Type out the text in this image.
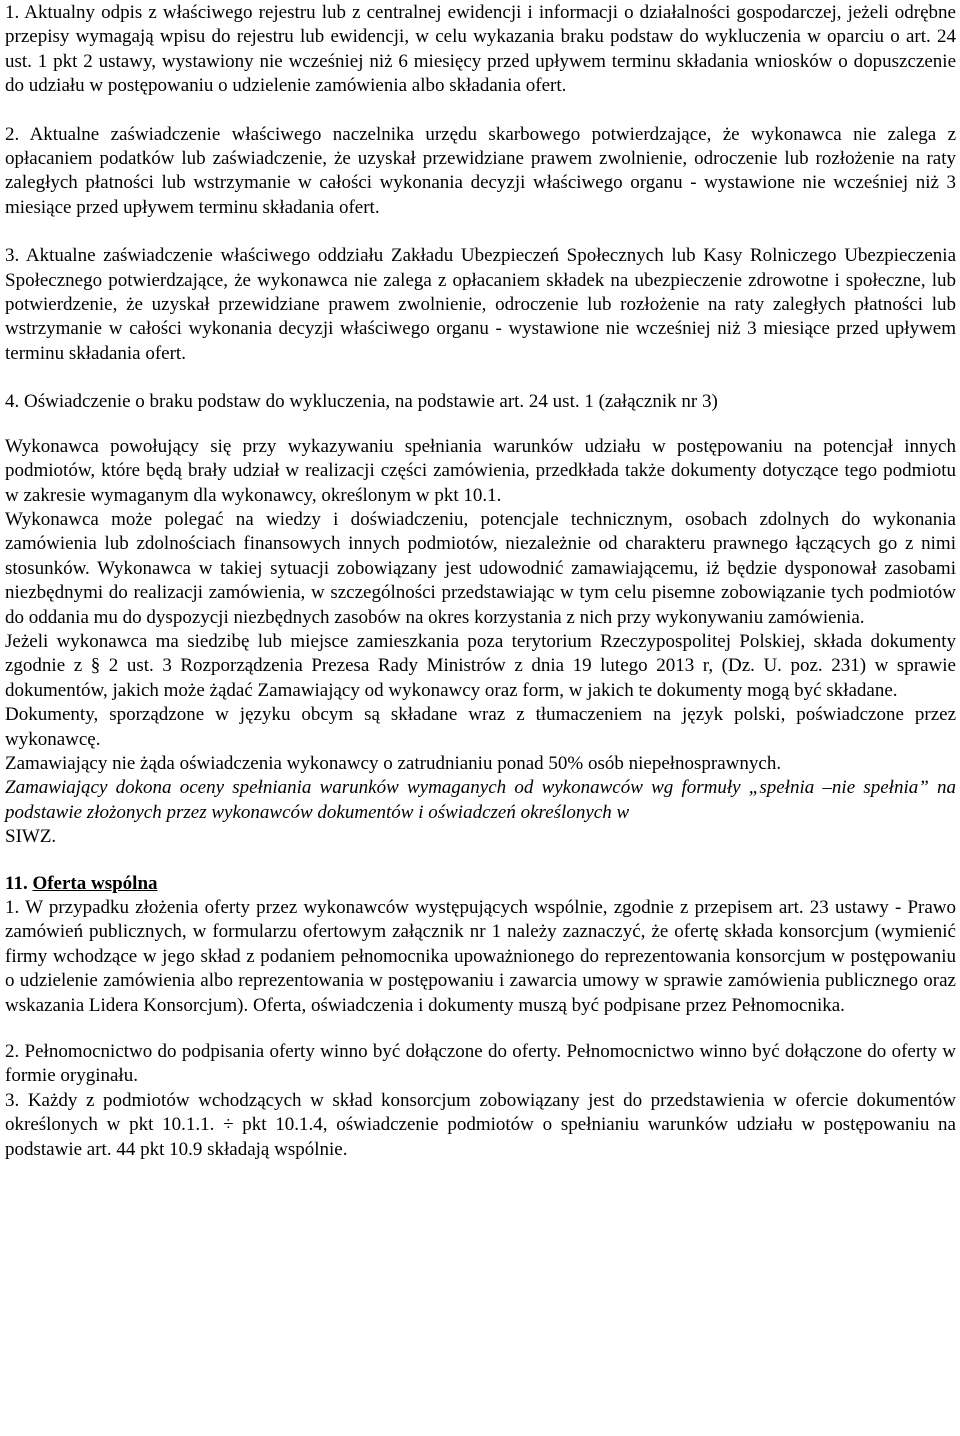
1. Aktualny odpis z właściwego rejestru lub z centralnej ewidencji i informacji o działalności gospodarczej, jeżeli odrębne przepisy wymagają wpisu do rejestru lub ewidencji, w celu wykazania braku podstaw do wykluczenia w oparciu o art. 24 ust. 1 pkt 2 ustawy, wystawiony nie wcześniej niż 6 miesięcy przed upływem terminu składania wniosków o dopuszczenie do udziału w postępowaniu o udzielenie zamówienia albo składania ofert.

2. Aktualne zaświadczenie właściwego naczelnika urzędu skarbowego potwierdzające, że wykonawca nie zalega z opłacaniem podatków lub zaświadczenie, że uzyskał przewidziane prawem zwolnienie, odroczenie lub rozłożenie na raty zaległych płatności lub wstrzymanie w całości wykonania decyzji właściwego organu - wystawione nie wcześniej niż 3 miesiące przed upływem terminu składania ofert.

3. Aktualne zaświadczenie właściwego oddziału Zakładu Ubezpieczeń Społecznych lub Kasy Rolniczego Ubezpieczenia Społecznego potwierdzające, że wykonawca nie zalega z opłacaniem składek na ubezpieczenie zdrowotne i społeczne, lub potwierdzenie, że uzyskał przewidziane prawem zwolnienie, odroczenie lub rozłożenie na raty zaległych płatności lub wstrzymanie w całości wykonania decyzji właściwego organu - wystawione nie wcześniej niż 3 miesiące przed upływem terminu składania ofert.

4. Oświadczenie o braku podstaw do wykluczenia, na podstawie art. 24 ust. 1 (załącznik nr 3)

Wykonawca powołujący się przy wykazywaniu spełniania warunków udziału w postępowaniu na potencjał innych podmiotów, które będą brały udział w realizacji części zamówienia, przedkłada także dokumenty dotyczące tego podmiotu w zakresie wymaganym dla wykonawcy, określonym w pkt 10.1.

Wykonawca może polegać na wiedzy i doświadczeniu, potencjale technicznym, osobach zdolnych do wykonania zamówienia lub zdolnościach finansowych innych podmiotów, niezależnie od charakteru prawnego łączących go z nimi stosunków. Wykonawca w takiej sytuacji zobowiązany jest udowodnić zamawiającemu, iż będzie dysponował zasobami niezbędnymi do realizacji zamówienia, w szczególności przedstawiając w tym celu pisemne zobowiązanie tych podmiotów do oddania mu do dyspozycji niezbędnych zasobów na okres korzystania z nich przy wykonywaniu zamówienia.

Jeżeli wykonawca ma siedzibę lub miejsce zamieszkania poza terytorium Rzeczypospolitej Polskiej, składa dokumenty zgodnie z § 2 ust. 3 Rozporządzenia Prezesa Rady Ministrów z dnia 19 lutego 2013 r, (Dz. U. poz. 231) w sprawie dokumentów, jakich może żądać Zamawiający od wykonawcy oraz form, w jakich te dokumenty mogą być składane.

Dokumenty, sporządzone w języku obcym są składane wraz z tłumaczeniem na język polski, poświadczone przez wykonawcę.

Zamawiający nie żąda oświadczenia wykonawcy o zatrudnianiu ponad 50% osób niepełnosprawnych.

Zamawiający dokona oceny spełniania warunków wymaganych od wykonawców wg formuły „spełnia –nie spełnia” na podstawie złożonych przez wykonawców dokumentów i oświadczeń określonych w

SIWZ.

11. Oferta wspólna

1. W przypadku złożenia oferty przez wykonawców występujących wspólnie, zgodnie z przepisem art. 23 ustawy - Prawo zamówień publicznych, w formularzu ofertowym załącznik nr 1 należy zaznaczyć, że ofertę składa konsorcjum (wymienić firmy wchodzące w jego skład z podaniem pełnomocnika upoważnionego do reprezentowania konsorcjum w postępowaniu o udzielenie zamówienia albo reprezentowania w postępowaniu i zawarcia umowy w sprawie zamówienia publicznego oraz wskazania Lidera Konsorcjum). Oferta, oświadczenia i dokumenty muszą być podpisane przez Pełnomocnika.

2. Pełnomocnictwo do podpisania oferty winno być dołączone do oferty. Pełnomocnictwo winno być dołączone do oferty w formie oryginału.

3. Każdy z podmiotów wchodzących w skład konsorcjum zobowiązany jest do przedstawienia w ofercie dokumentów określonych w pkt 10.1.1. ÷ pkt 10.1.4, oświadczenie podmiotów o spełnianiu warunków udziału w postępowaniu na podstawie art. 44 pkt 10.9 składają wspólnie.
